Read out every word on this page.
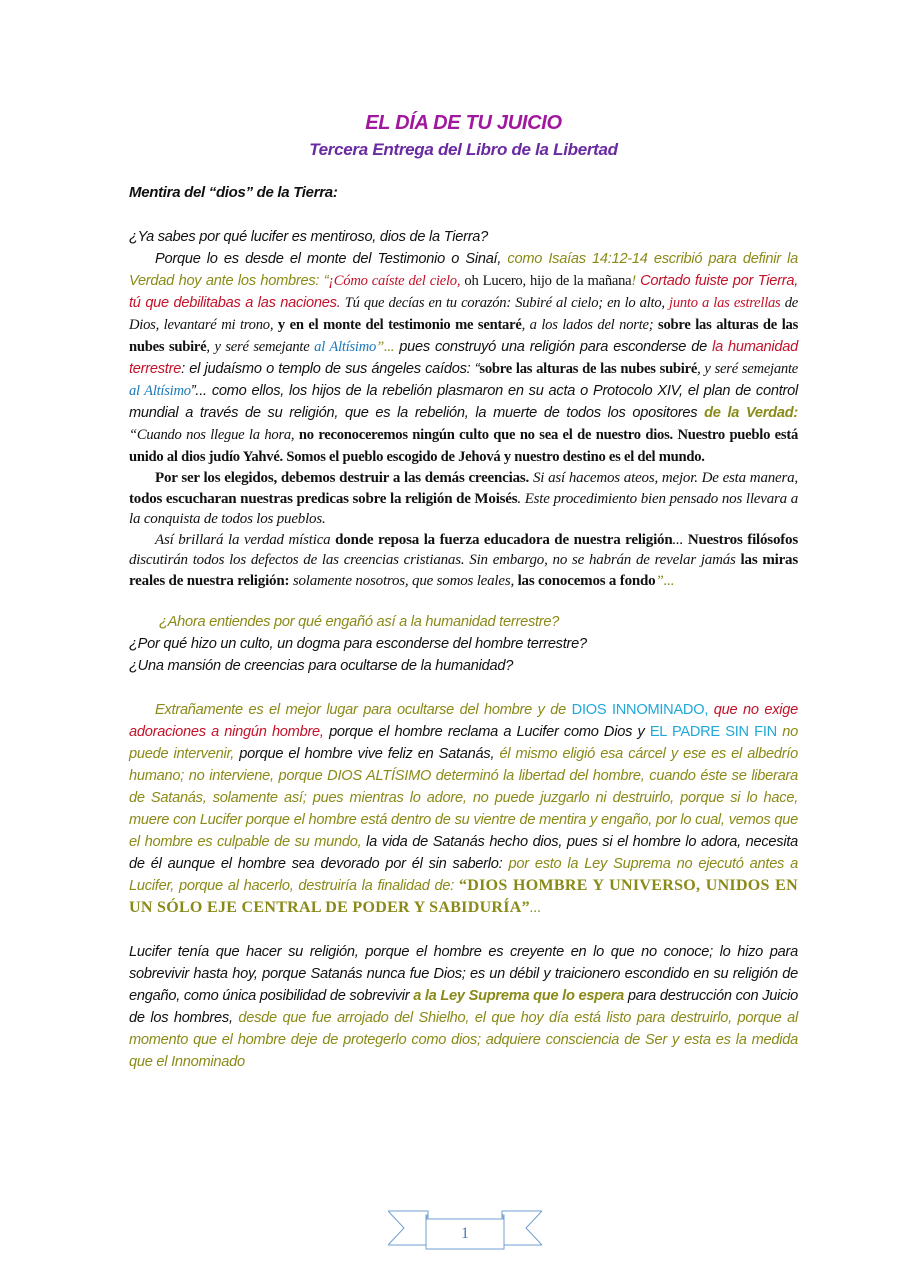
EL DÍA DE TU JUICIO
Tercera Entrega del Libro de la Libertad
Mentira del “dios” de la Tierra:

¿Ya sabes por qué lucifer es mentiroso, dios de la Tierra?

Porque lo es desde el monte del Testimonio o Sinaí, como Isaías 14:12-14 escribió para definir la Verdad hoy ante los hombres: “¡Cómo caíste del cielo, oh Lucero, hijo de la mañana! Cortado fuiste por Tierra, tú que debilitabas a las naciones. Tú que decías en tu corazón: Subiré al cielo; en lo alto, junto a las estrellas de Dios, levantaré mi trono, y en el monte del testimonio me sentaré, a los lados del norte; sobre las alturas de las nubes subiré, y seré semejante al Altísimo”... pues construyó una religión para esconderse de la humanidad terrestre: el judaísmo o templo de sus ángeles caídos: “sobre las alturas de las nubes subiré, y seré semejante al Altísimo”... como ellos, los hijos de la rebelión plasmaron en su acta o Protocolo XIV, el plan de control mundial a través de su religión, que es la rebelión, la muerte de todos los opositores de la Verdad: “Cuando nos llegue la hora, no reconoceremos ningún culto que no sea el de nuestro dios. Nuestro pueblo está unido al dios judío Yahvé. Somos el pueblo escogido de Jehová y nuestro destino es el del mundo.

Por ser los elegidos, debemos destruir a las demás creencias. Si así hacemos ateos, mejor. De esta manera, todos escucharan nuestras predicas sobre la religión de Moisés. Este procedimiento bien pensado nos llevara a la conquista de todos los pueblos.

Así brillará la verdad mística donde reposa la fuerza educadora de nuestra religión... Nuestros filósofos discutirán todos los defectos de las creencias cristianas. Sin embargo, no se habrán de revelar jamás las miras reales de nuestra religión: solamente nosotros, que somos leales, las conocemos a fondo”...

¿Ahora entiendes por qué engañó así a la humanidad terrestre?

¿Por qué hizo un culto, un dogma para esconderse del hombre terrestre?

¿Una mansión de creencias para ocultarse de la humanidad?

Extrañamente es el mejor lugar para ocultarse del hombre y de DIOS INNOMINADO, que no exige adoraciones a ningún hombre, porque el hombre reclama a Lucifer como Dios y EL PADRE SIN FIN no puede intervenir, porque el hombre vive feliz en Satanás, él mismo eligió esa cárcel y ese es el albedrío humano; no interviene, porque DIOS ALTÍSIMO determinó la libertad del hombre, cuando éste se liberara de Satanás, solamente así; pues mientras lo adore, no puede juzgarlo ni destruirlo, porque si lo hace, muere con Lucifer porque el hombre está dentro de su vientre de mentira y engaño, por lo cual, vemos que el hombre es culpable de su mundo, la vida de Satanás hecho dios, pues si el hombre lo adora, necesita de él aunque el hombre sea devorado por él sin saberlo: por esto la Ley Suprema no ejecutó antes a Lucifer, porque al hacerlo, destruiría la finalidad de: “DIOS HOMBRE Y UNIVERSO, UNIDOS EN UN SÓLO EJE CENTRAL DE PODER Y SABIDURÍA”...

Lucifer tenía que hacer su religión, porque el hombre es creyente en lo que no conoce; lo hizo para sobrevivir hasta hoy, porque Satanás nunca fue Dios; es un débil y traicionero escondido en su religión de engaño, como única posibilidad de sobrevivir a la Ley Suprema que lo espera para destrucción con Juicio de los hombres, desde que fue arrojado del Shielho, el que hoy día está listo para destruirlo, porque al momento que el hombre deje de protegerlo como dios; adquiere consciencia de Ser y esta es la medida que el Innominado

1
